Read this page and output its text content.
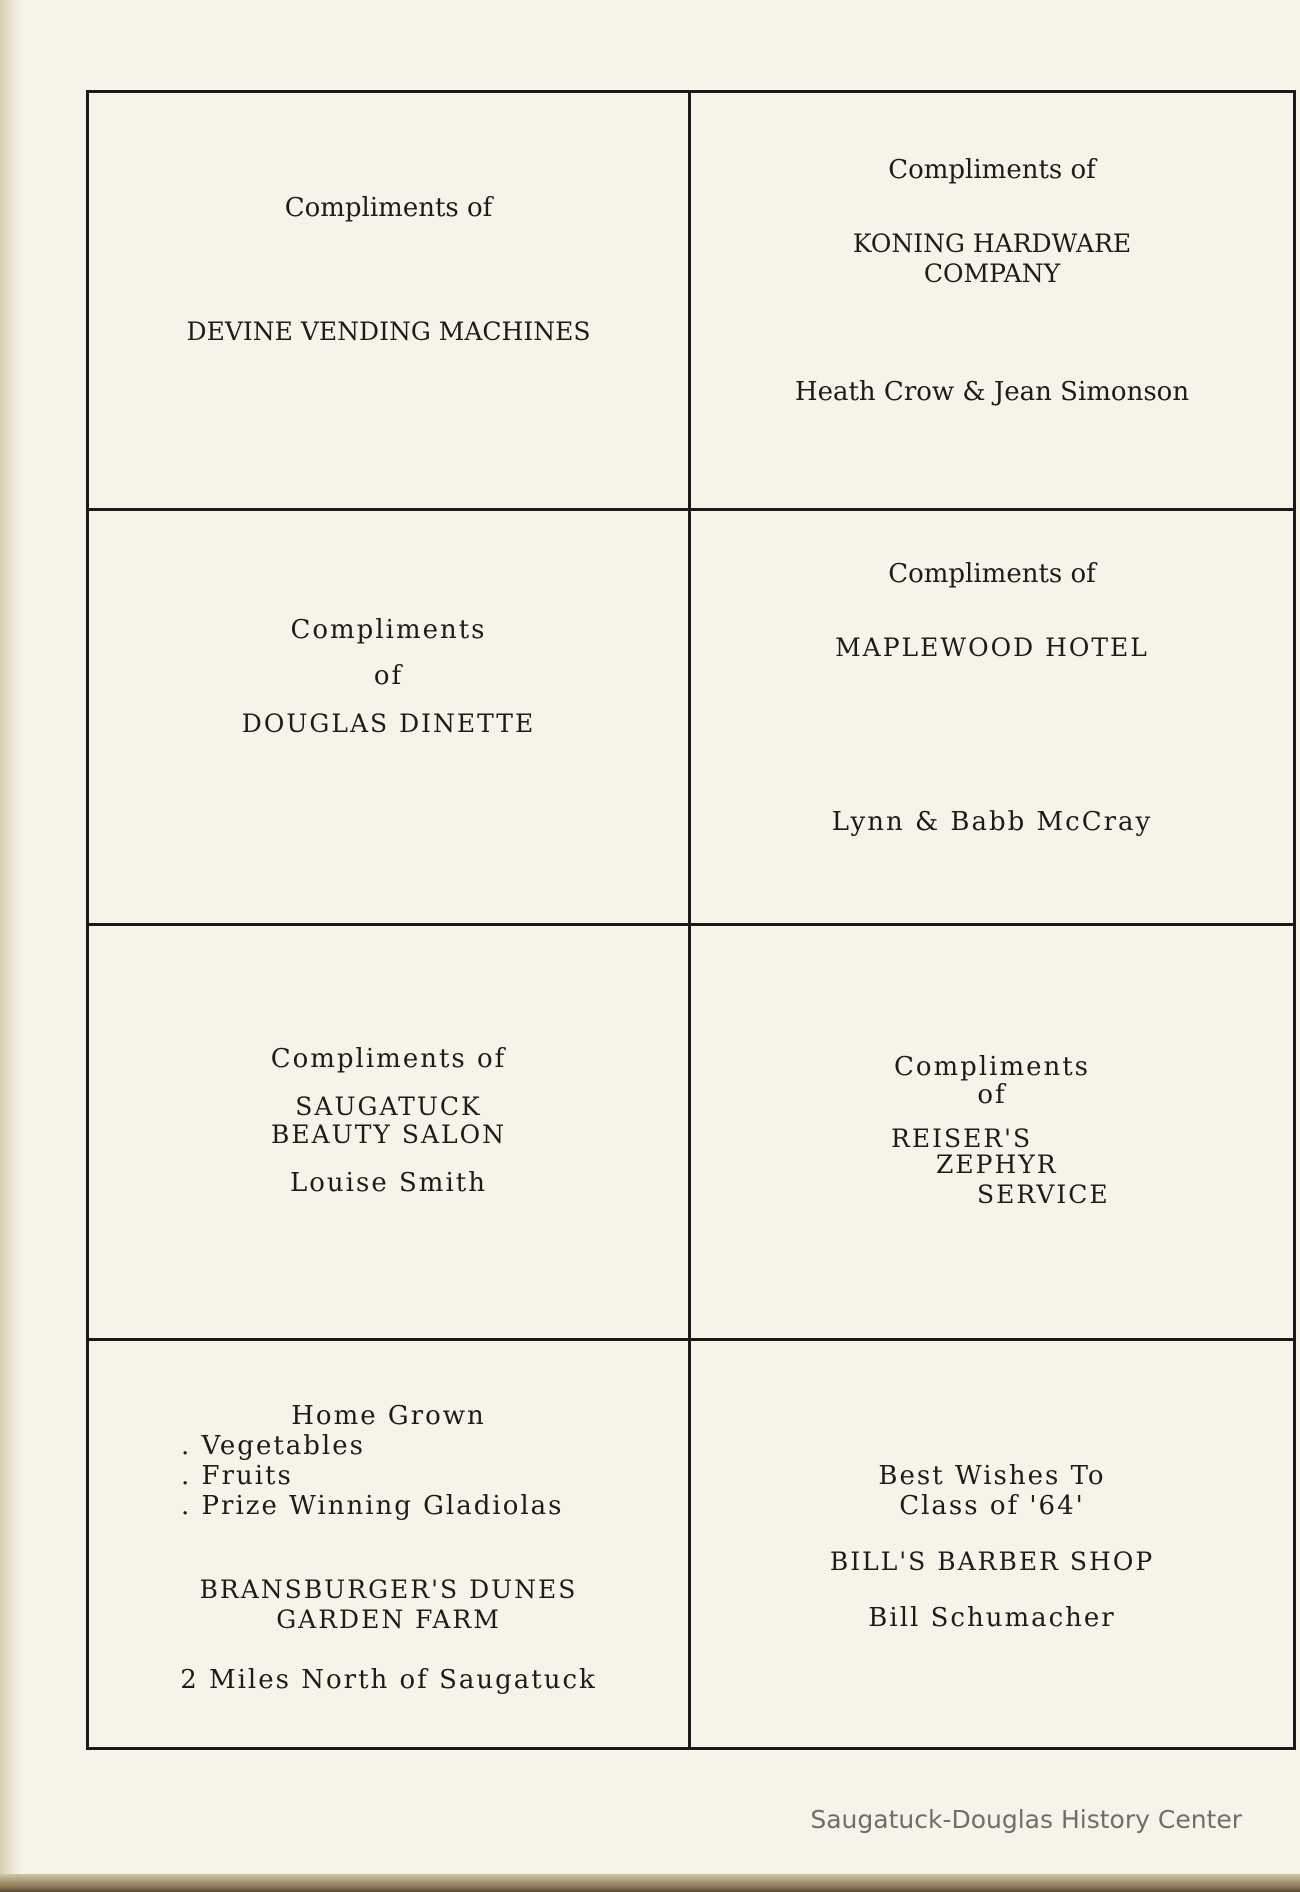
Compliments of
DEVINE VENDING MACHINES
Compliments of
KONING HARDWARE
COMPANY
Heath Crow & Jean Simonson
Compliments
of
DOUGLAS DINETTE
Compliments of
MAPLEWOOD HOTEL
Lynn & Babb McCray
Compliments of
SAUGATUCK
BEAUTY SALON
Louise Smith
Compliments
of
REISER'S
ZEPHYR
SERVICE
Home Grown
. Vegetables
. Fruits
. Prize Winning Gladiolas
BRANSBURGER'S DUNES
GARDEN FARM
2 Miles North of Saugatuck
Best Wishes To
Class of '64'
BILL'S BARBER SHOP
Bill Schumacher
Saugatuck-Douglas History Center
